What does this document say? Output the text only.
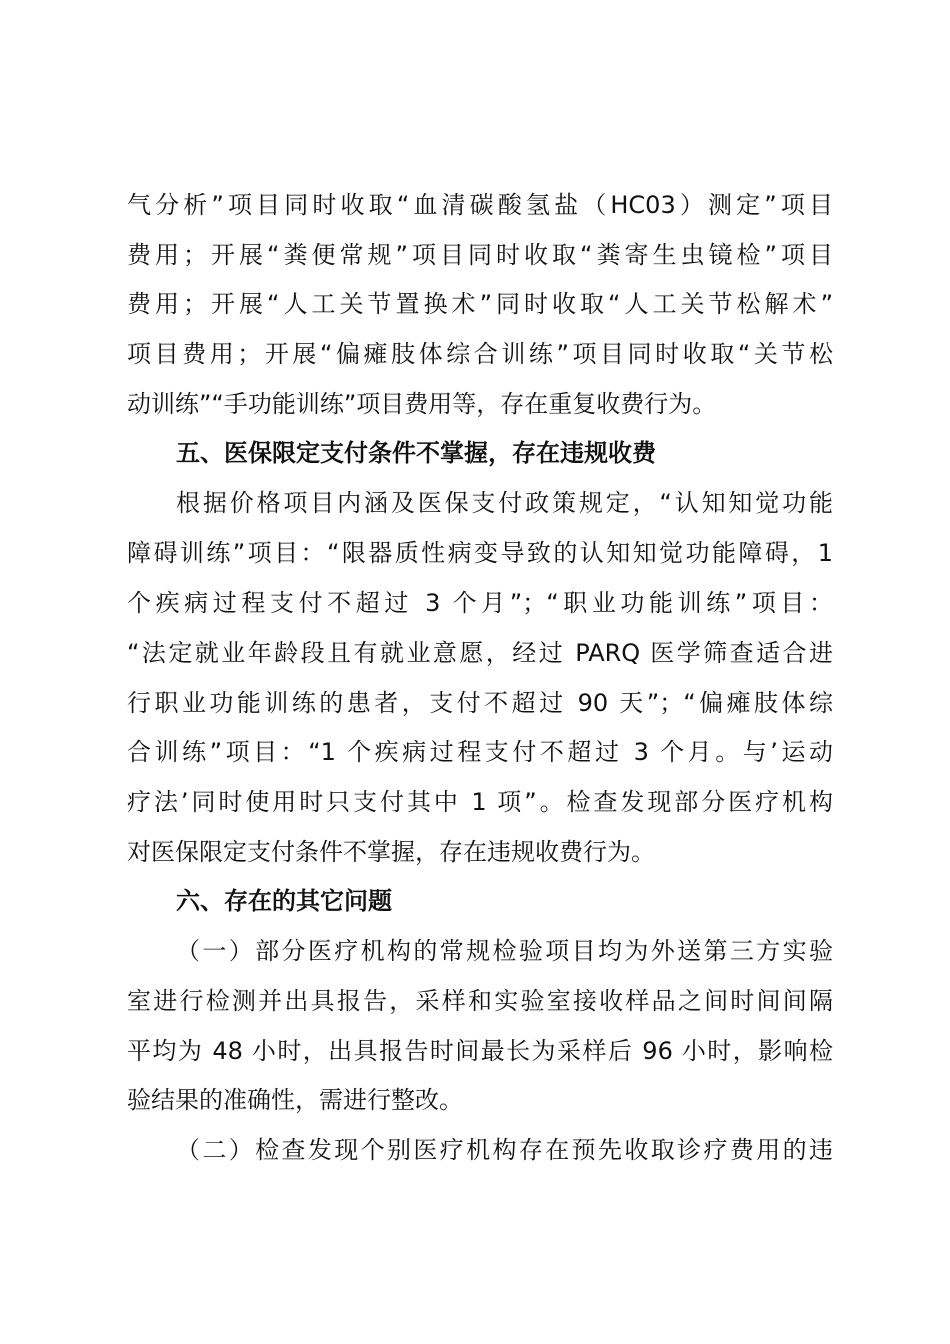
气分析”项目同时收取“血清碳酸氢盐（HC03）测定”项目
费用；开展“粪便常规”项目同时收取“粪寄生虫镜检”项目
费用；开展“人工关节置换术”同时收取“人工关节松解术”
项目费用；开展“偏瘫肢体综合训练”项目同时收取“关节松
动训练”“手功能训练”项目费用等，存在重复收费行为。
五、医保限定支付条件不掌握，存在违规收费
根据价格项目内涵及医保支付政策规定，“认知知觉功能
障碍训练”项目：“限器质性病变导致的认知知觉功能障碍，1
个疾病过程支付不超过 3 个月”；“职业功能训练”项目：
“法定就业年龄段且有就业意愿，经过 PARQ 医学筛查适合进
行职业功能训练的患者，支付不超过 90 天”；“偏瘫肢体综
合训练”项目：“1 个疾病过程支付不超过 3 个月。与’运动
疗法’同时使用时只支付其中 1 项”。检查发现部分医疗机构
对医保限定支付条件不掌握，存在违规收费行为。
六、存在的其它问题
（一）部分医疗机构的常规检验项目均为外送第三方实验
室进行检测并出具报告，采样和实验室接收样品之间时间间隔
平均为 48 小时，出具报告时间最长为采样后 96 小时，影响检
验结果的准确性，需进行整改。
（二）检查发现个别医疗机构存在预先收取诊疗费用的违
